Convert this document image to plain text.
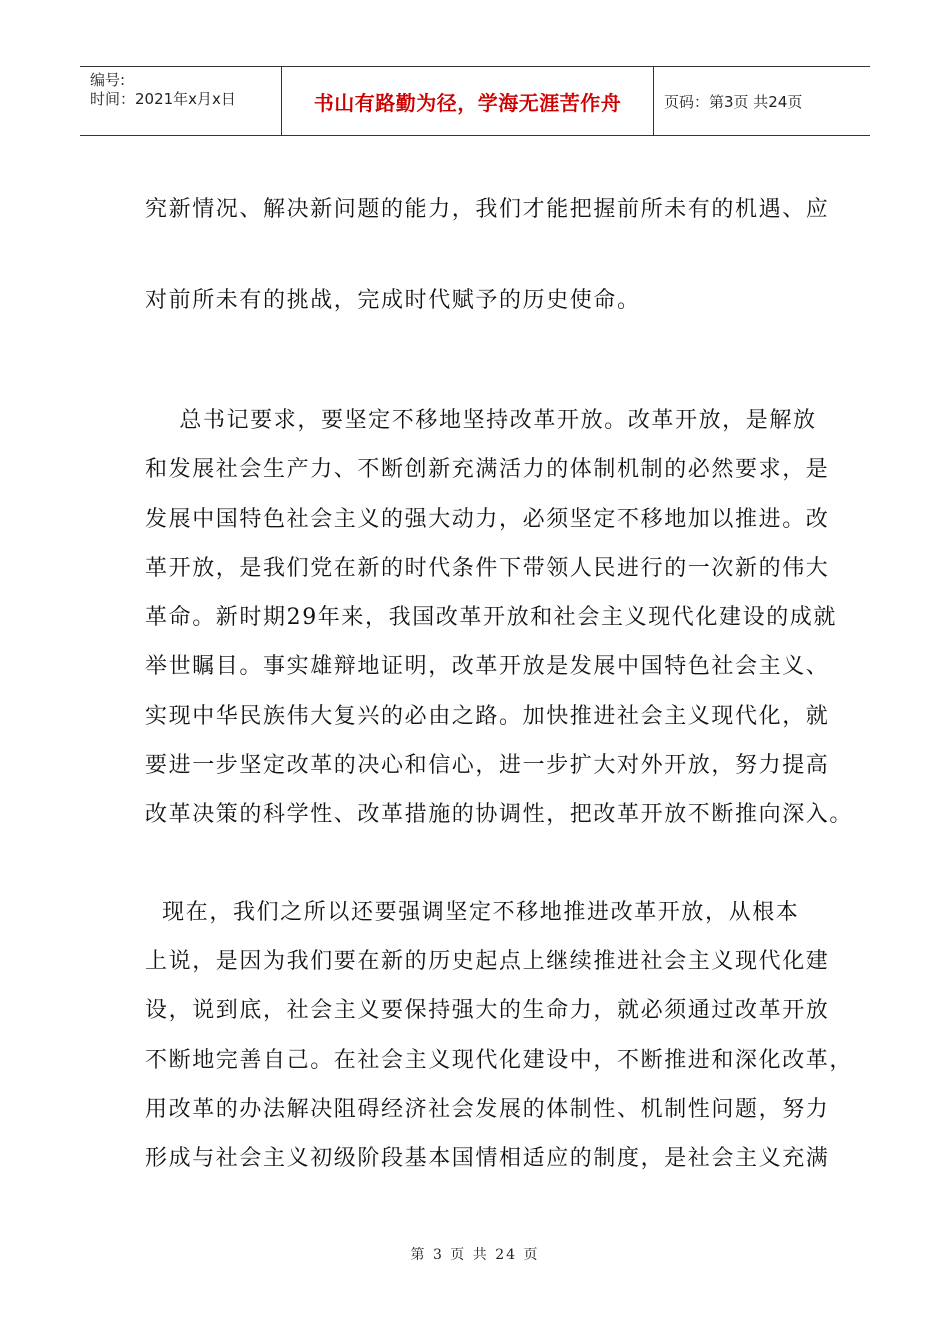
编号:
时间：2021年x月x日	书山有路勤为径，学海无涯苦作舟	页码：第3页 共24页
究新情况、解决新问题的能力，我们才能把握前所未有的机遇、应
对前所未有的挑战，完成时代赋予的历史使命。
总书记要求，要坚定不移地坚持改革开放。改革开放，是解放
和发展社会生产力、不断创新充满活力的体制机制的必然要求，是
发展中国特色社会主义的强大动力，必须坚定不移地加以推进。改
革开放，是我们党在新的时代条件下带领人民进行的一次新的伟大
革命。新时期29年来，我国改革开放和社会主义现代化建设的成就
举世瞩目。事实雄辩地证明，改革开放是发展中国特色社会主义、
实现中华民族伟大复兴的必由之路。加快推进社会主义现代化，就
要进一步坚定改革的决心和信心，进一步扩大对外开放，努力提高
改革决策的科学性、改革措施的协调性，把改革开放不断推向深入。
现在，我们之所以还要强调坚定不移地推进改革开放，从根本
上说，是因为我们要在新的历史起点上继续推进社会主义现代化建
设，说到底，社会主义要保持强大的生命力，就必须通过改革开放
不断地完善自己。在社会主义现代化建设中，不断推进和深化改革，
用改革的办法解决阻碍经济社会发展的体制性、机制性问题，努力
形成与社会主义初级阶段基本国情相适应的制度，是社会主义充满
第 3 页 共 24 页
